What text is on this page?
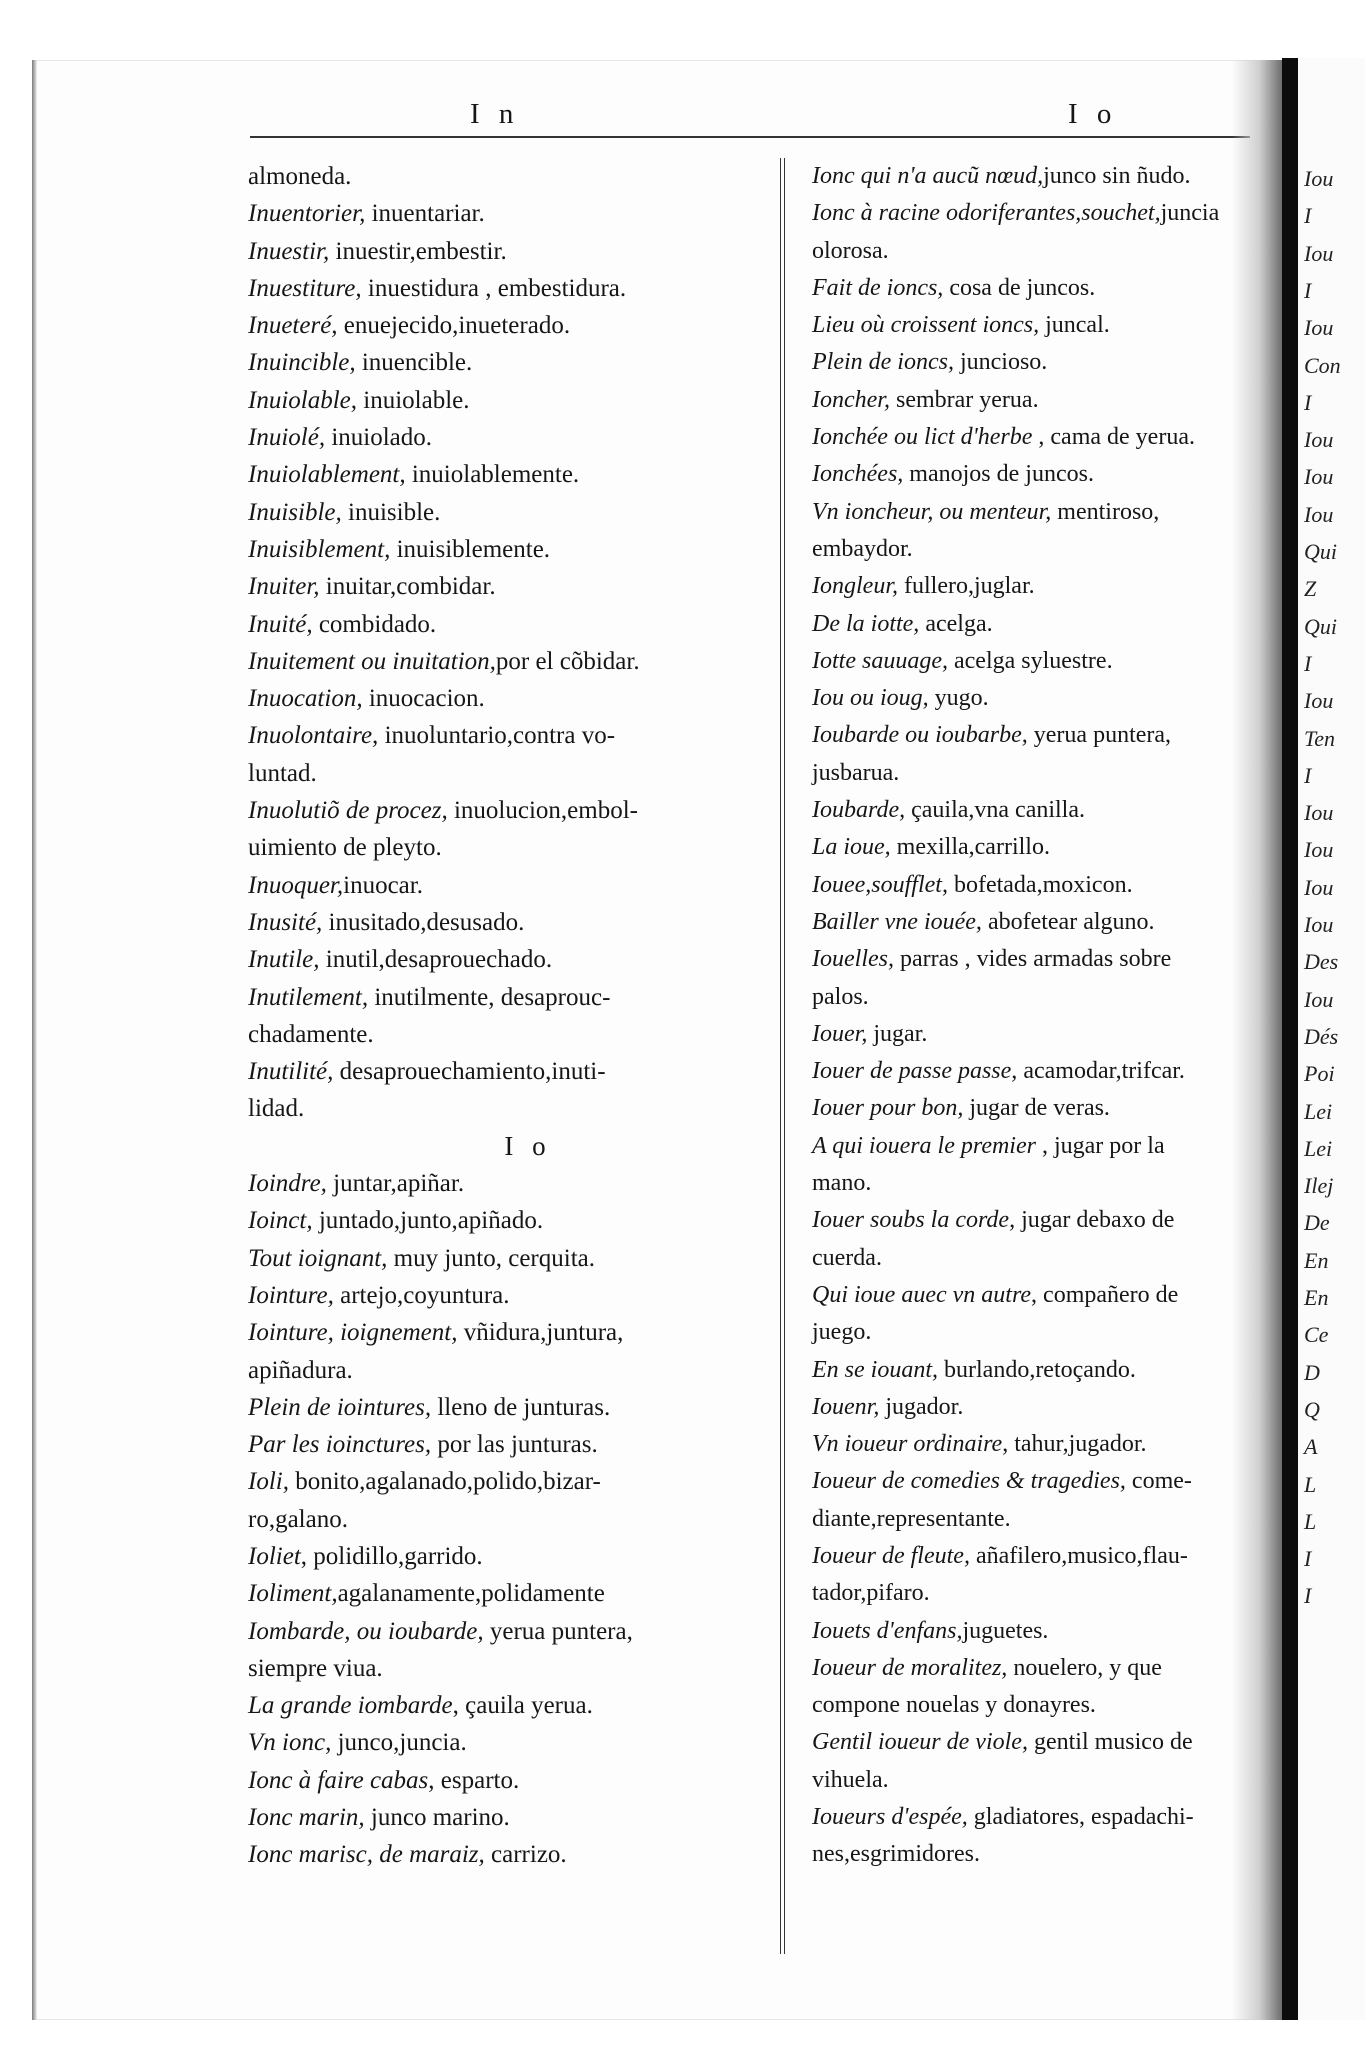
I n	I o
almoneda.
Inuentorier, inuentariar.
Inuestir, inuestir,embestir.
Inuestiture, inuestidura , embestidura.
Inueteré, enuejecido,inueterado.
Inuincible, inuencible.
Inuiolable, inuiolable.
Inuiolé, inuiolado.
Inuiolablement, inuiolablemente.
Inuisible, inuisible.
Inuisiblement, inuisiblemente.
Inuiter, inuitar,combidar.
Inuité, combidado.
Inuitement ou inuitation,por el cõbidar.
Inuocation, inuocacion.
Inuolontaire, inuoluntario,contra vo-
luntad.
Inuolutiõ de procez, inuolucion,embol-
uimiento de pleyto.
Inuoquer,inuocar.
Inusité, inusitado,desusado.
Inutile, inutil,desaprouechado.
Inutilement, inutilmente, desaprouc-
chadamente.
Inutilité, desaprouechamiento,inuti-
lidad.
I o
Ioindre, juntar,apiñar.
Ioinct, juntado,junto,apiñado.
Tout ioignant, muy junto, cerquita.
Iointure, artejo,coyuntura.
Iointure, ioignement, vñidura,juntura,
apiñadura.
Plein de iointures, lleno de junturas.
Par les ioinctures, por las junturas.
Ioli, bonito,agalanado,polido,bizar-
ro,galano.
Ioliet, polidillo,garrido.
Ioliment,agalanamente,polidamente
Iombarde, ou ioubarde, yerua puntera,
siempre viua.
La grande iombarde, çauila yerua.
Vn ionc, junco,juncia.
Ionc à faire cabas, esparto.
Ionc marin, junco marino.
Ionc marisc, de maraiz, carrizo.
Ionc qui n'a aucũ nœud,junco sin ñudo.
Ionc à racine odoriferantes,souchet,juncia
olorosa.
Fait de ioncs, cosa de juncos.
Lieu où croissent ioncs, juncal.
Plein de ioncs, juncioso.
Ioncher, sembrar yerua.
Ionchée ou lict d'herbe , cama de yerua.
Ionchées, manojos de juncos.
Vn ioncheur, ou menteur, mentiroso,
embaydor.
Iongleur, fullero,juglar.
De la iotte, acelga.
Iotte sauuage, acelga syluestre.
Iou ou ioug, yugo.
Ioubarde ou ioubarbe, yerua puntera,
jusbarua.
Ioubarde, çauila,vna canilla.
La ioue, mexilla,carrillo.
Iouee,soufflet, bofetada,moxicon.
Bailler vne iouée, abofetear alguno.
Iouelles, parras , vides armadas sobre
palos.
Iouer, jugar.
Iouer de passe passe, acamodar,trifcar.
Iouer pour bon, jugar de veras.
A qui iouera le premier , jugar por la
mano.
Iouer soubs la corde, jugar debaxo de
cuerda.
Qui ioue auec vn autre, compañero de
juego.
En se iouant, burlando,retoçando.
Iouenr, jugador.
Vn ioueur ordinaire, tahur,jugador.
Ioueur de comedies & tragedies, come-
diante,representante.
Ioueur de fleute, añafilero,musico,flau-
tador,pifaro.
Iouets d'enfans,juguetes.
Ioueur de moralitez, nouelero, y que
compone nouelas y donayres.
Gentil ioueur de viole, gentil musico de
vihuela.
Ioueurs d'espée, gladiatores, espadachi-
nes,esgrimidores.
Iou
I
Iou
I
Iou
Con
I
Iou
Iou
Iou
Qui
Z
Qui
I
Iou
Ten
I
Iou
Iou
Iou
Iou
Des
Iou
Dés
Poi
Lei
Lei
Ilej
De
En
En
Ce
D
Q
A
L
L
I
I
